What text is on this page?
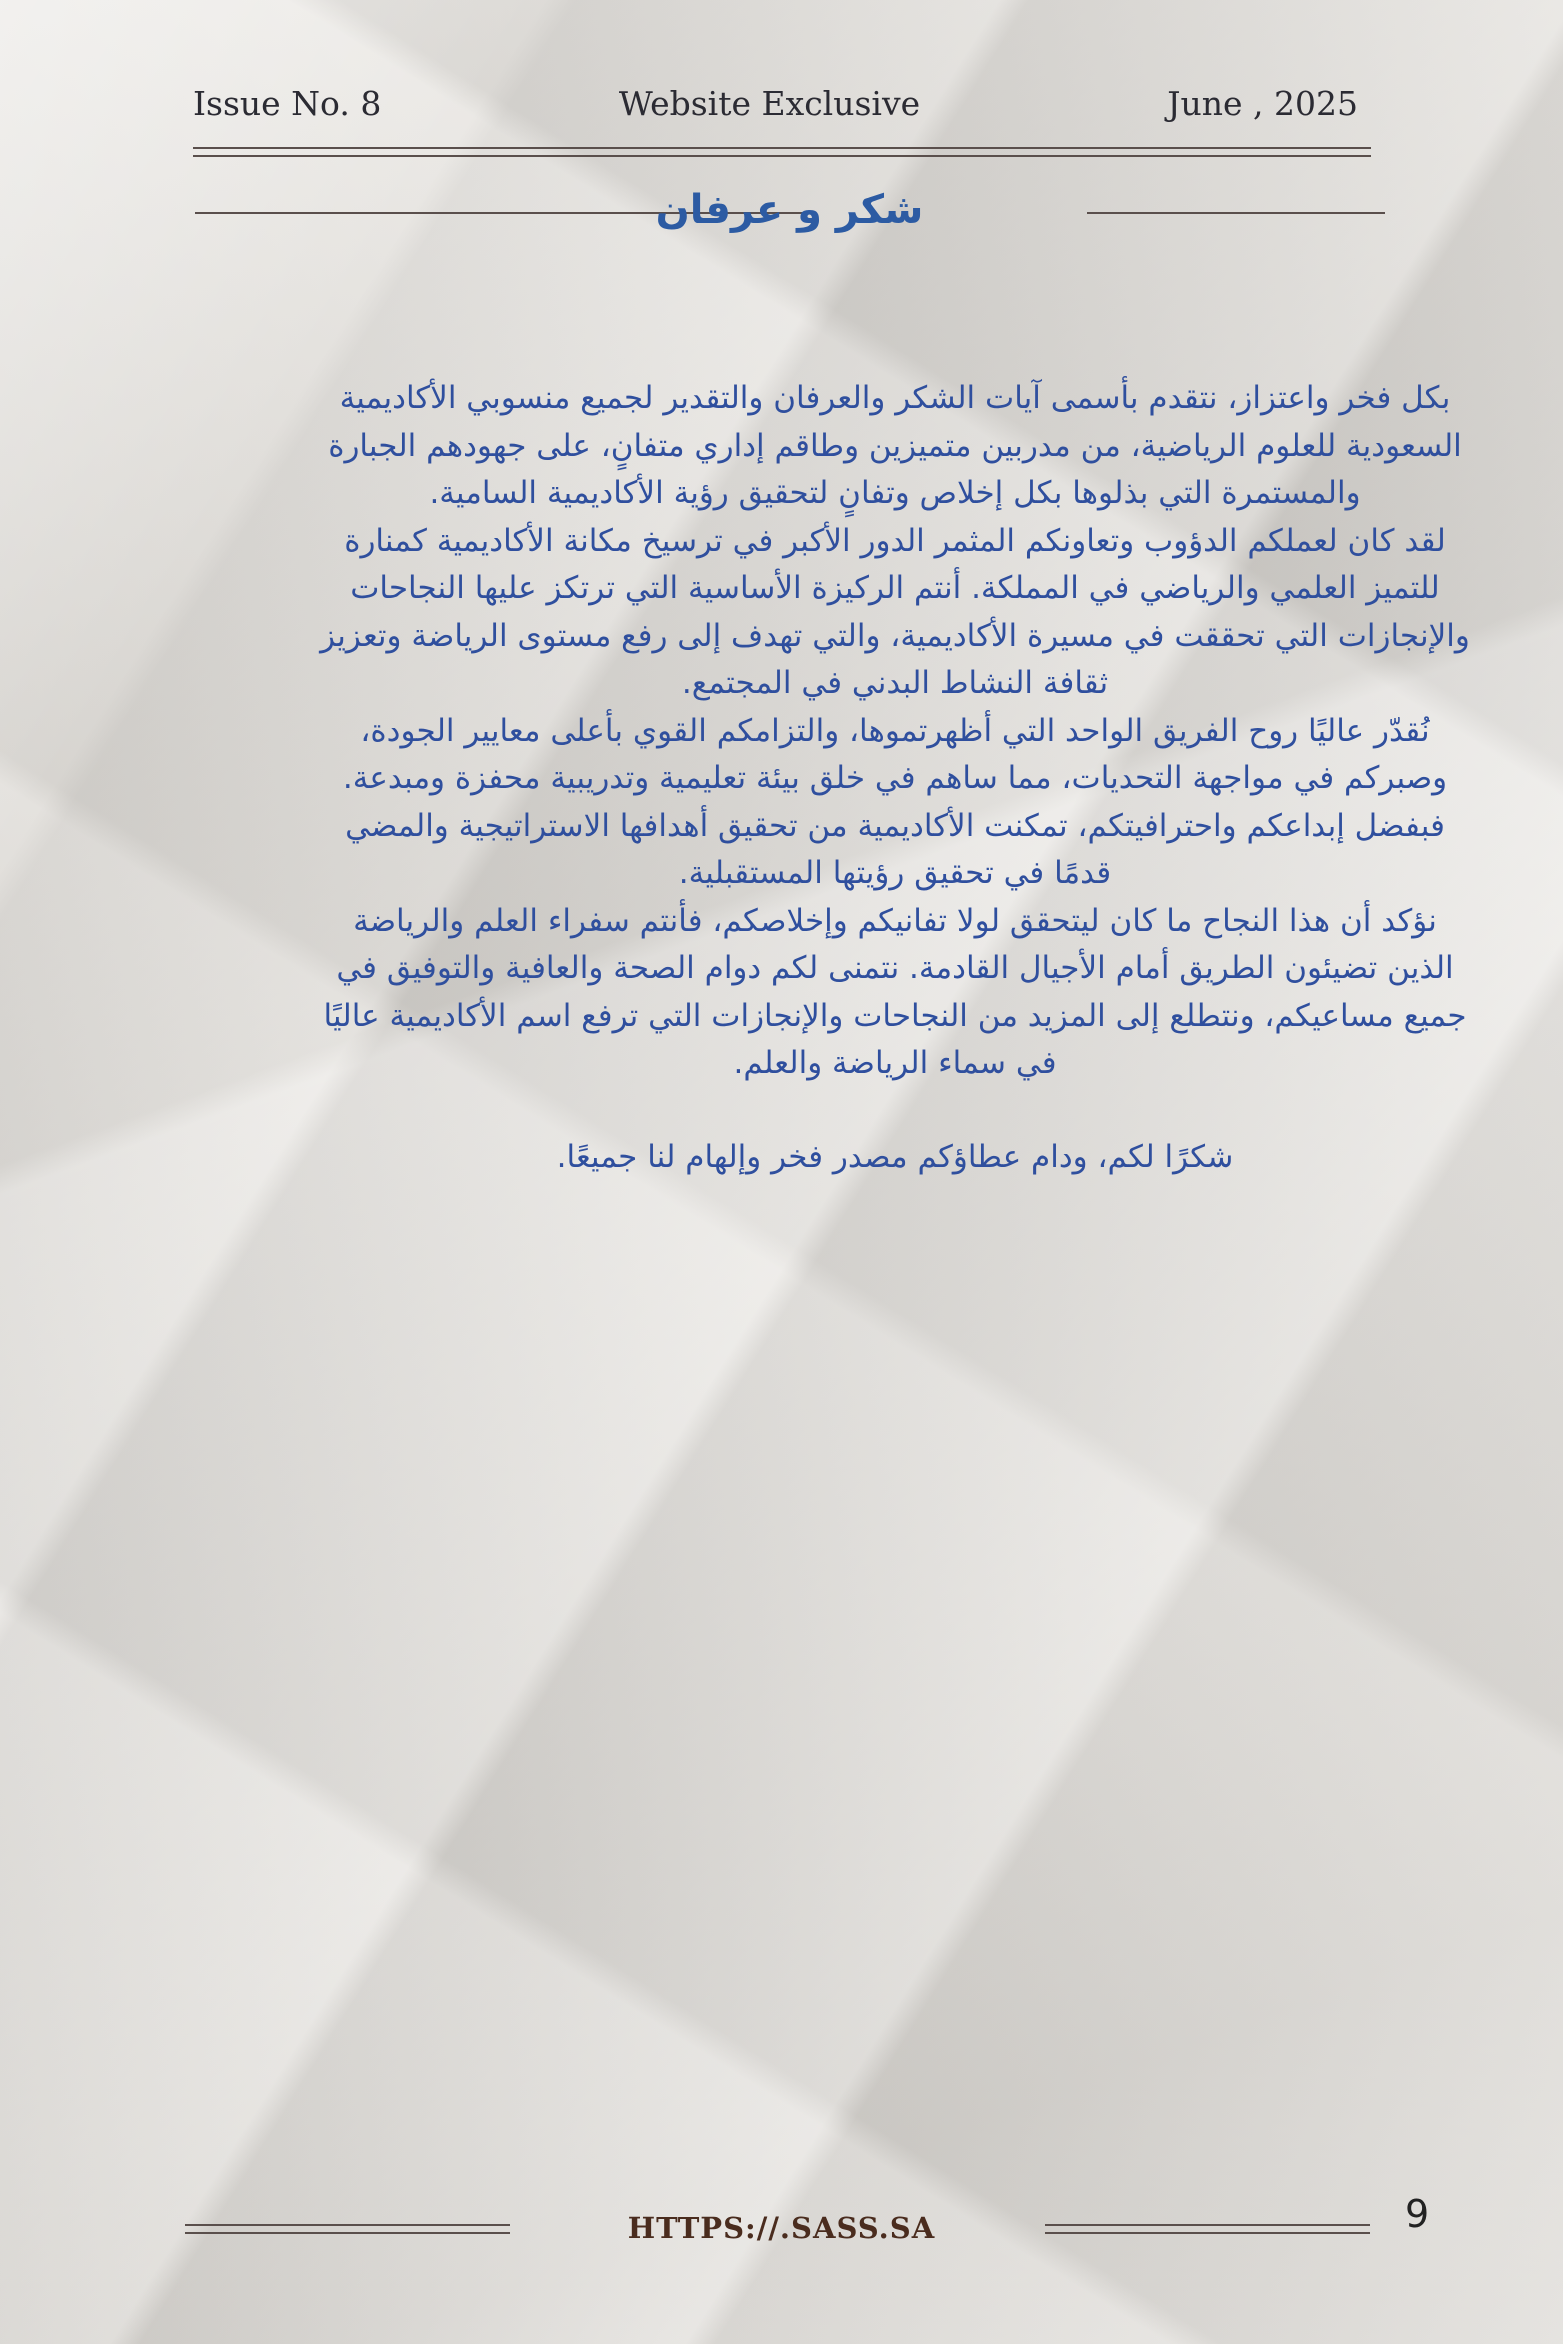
Issue No. 8	Website Exclusive	June , 2025
شكر و عرفان

بكل فخر واعتزاز، نتقدم بأسمى آيات الشكر والعرفان والتقدير لجميع منسوبي الأكاديمية السعودية للعلوم الرياضية، من مدربين متميزين وطاقم إداري متفانٍ، على جهودهم الجبارة والمستمرة التي بذلوها بكل إخلاص وتفانٍ لتحقيق رؤية الأكاديمية السامية.

لقد كان لعملكم الدؤوب وتعاونكم المثمر الدور الأكبر في ترسيخ مكانة الأكاديمية كمنارة للتميز العلمي والرياضي في المملكة. أنتم الركيزة الأساسية التي ترتكز عليها النجاحات والإنجازات التي تحققت في مسيرة الأكاديمية، والتي تهدف إلى رفع مستوى الرياضة وتعزيز ثقافة النشاط البدني في المجتمع.

نُقدّر عاليًا روح الفريق الواحد التي أظهرتموها، والتزامكم القوي بأعلى معايير الجودة، وصبركم في مواجهة التحديات، مما ساهم في خلق بيئة تعليمية وتدريبية محفزة ومبدعة. فبفضل إبداعكم واحترافيتكم، تمكنت الأكاديمية من تحقيق أهدافها الاستراتيجية والمضي قدمًا في تحقيق رؤيتها المستقبلية.

نؤكد أن هذا النجاح ما كان ليتحقق لولا تفانيكم وإخلاصكم، فأنتم سفراء العلم والرياضة الذين تضيئون الطريق أمام الأجيال القادمة. نتمنى لكم دوام الصحة والعافية والتوفيق في جميع مساعيكم، ونتطلع إلى المزيد من النجاحات والإنجازات التي ترفع اسم الأكاديمية عاليًا في سماء الرياضة والعلم.

شكرًا لكم، ودام عطاؤكم مصدر فخر وإلهام لنا جميعًا.

HTTPS://.SASS.SA	9
